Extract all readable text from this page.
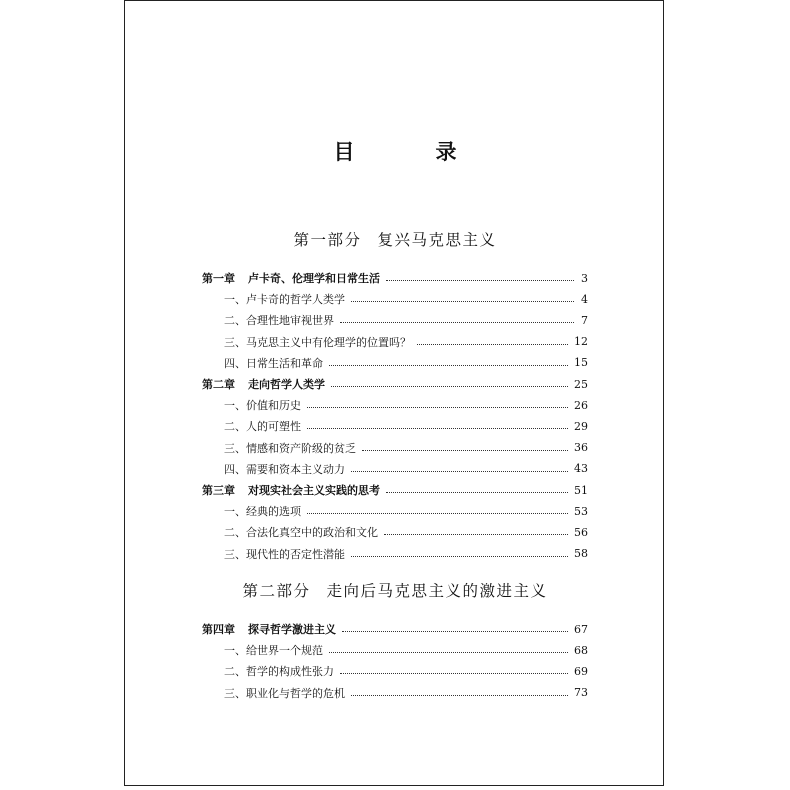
目　录
第一部分 复兴马克思主义
第一章 卢卡奇、伦理学和日常生活	3
一、卢卡奇的哲学人类学	4
二、合理性地审视世界	7
三、马克思主义中有伦理学的位置吗？	12
四、日常生活和革命	15
第二章 走向哲学人类学	25
一、价值和历史	26
二、人的可塑性	29
三、情感和资产阶级的贫乏	36
四、需要和资本主义动力	43
第三章 对现实社会主义实践的思考	51
一、经典的选项	53
二、合法化真空中的政治和文化	56
三、现代性的否定性潜能	58
第二部分 走向后马克思主义的激进主义
第四章 探寻哲学激进主义	67
一、给世界一个规范	68
二、哲学的构成性张力	69
三、职业化与哲学的危机	73
